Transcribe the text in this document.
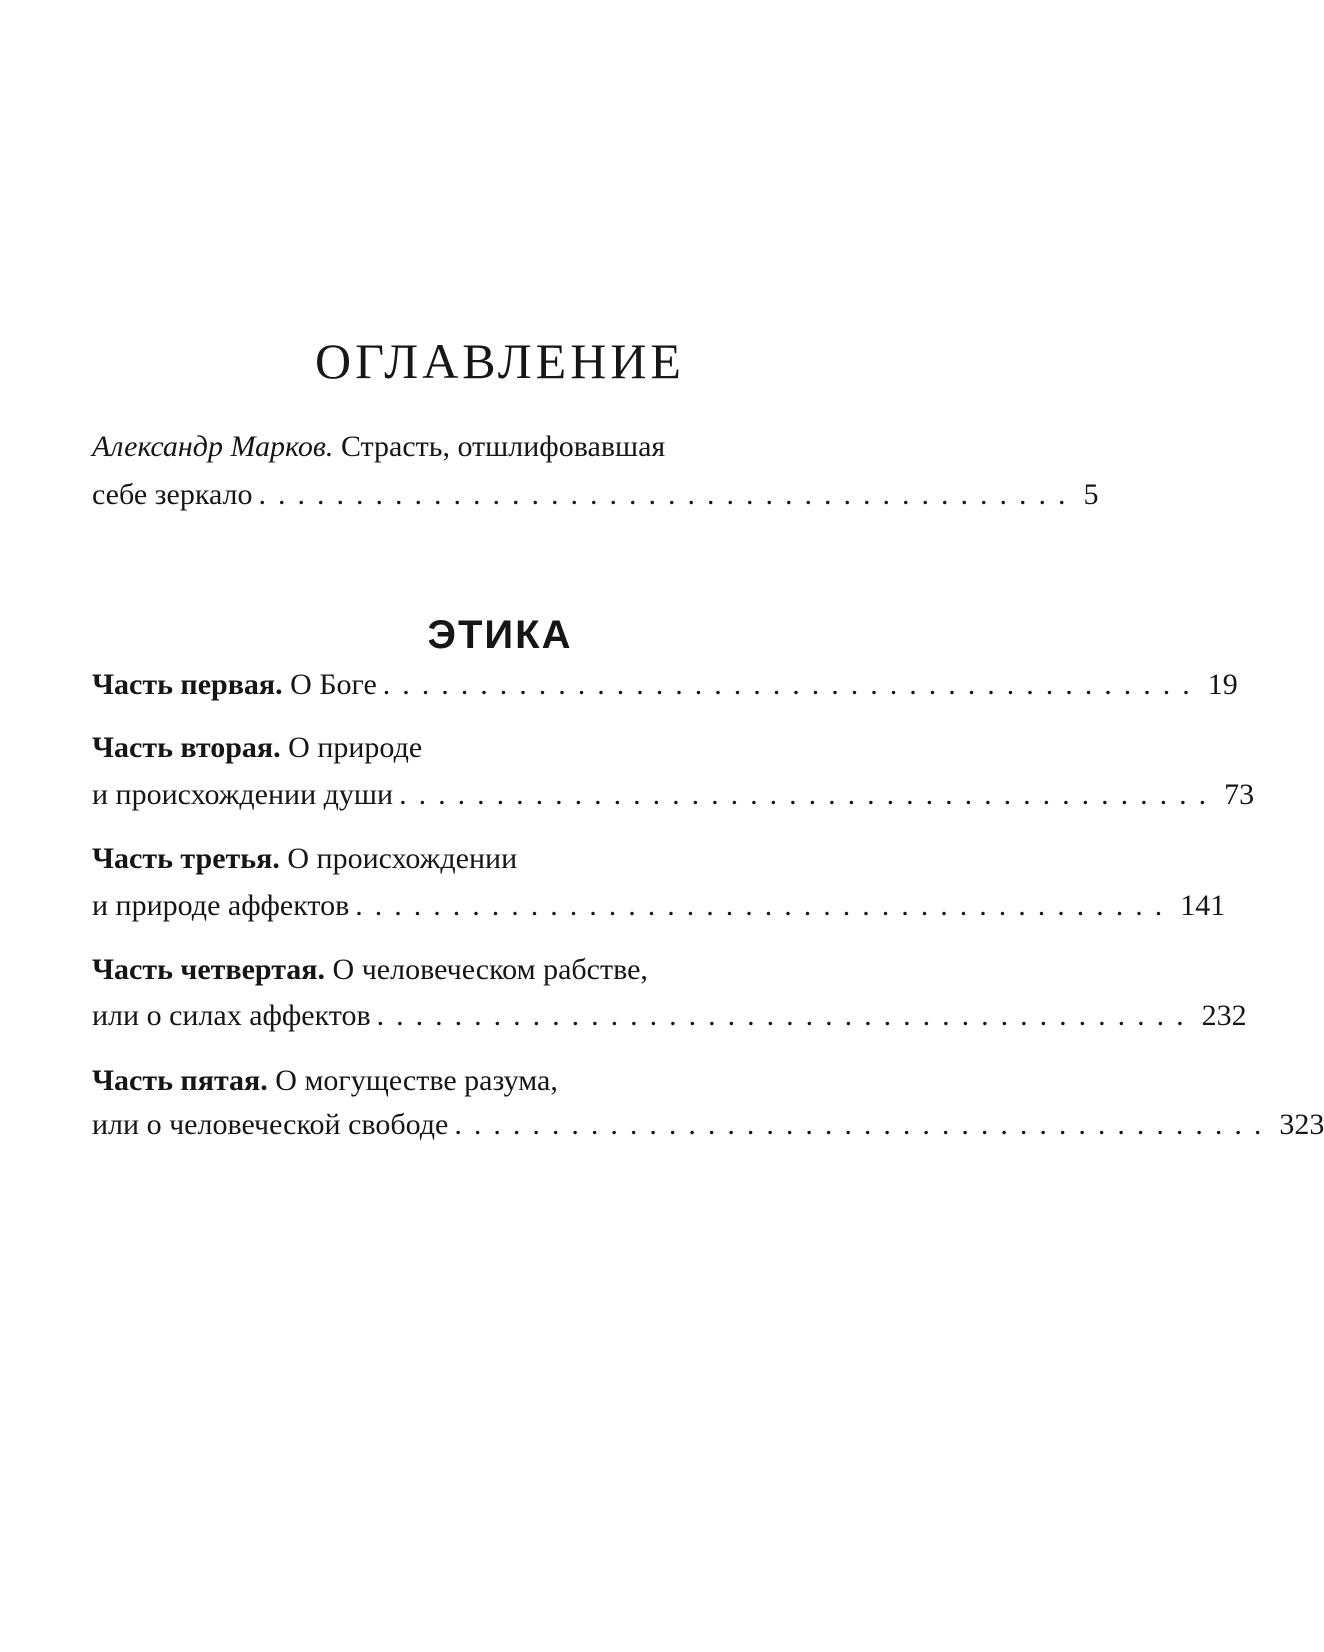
ОГЛАВЛЕНИЕ
Александр Марков. Страсть, отшлифовавшая
себе зеркало .......................................... 5
ЭТИКА
Часть первая. О Боге .......................................... 19
Часть вторая. О природе
и происхождении души .......................................... 73
Часть третья. О происхождении
и природе аффектов .......................................... 141
Часть четвертая. О человеческом рабстве,
или о силах аффектов .......................................... 232
Часть пятая. О могуществе разума,
или о человеческой свободе .......................................... 323
